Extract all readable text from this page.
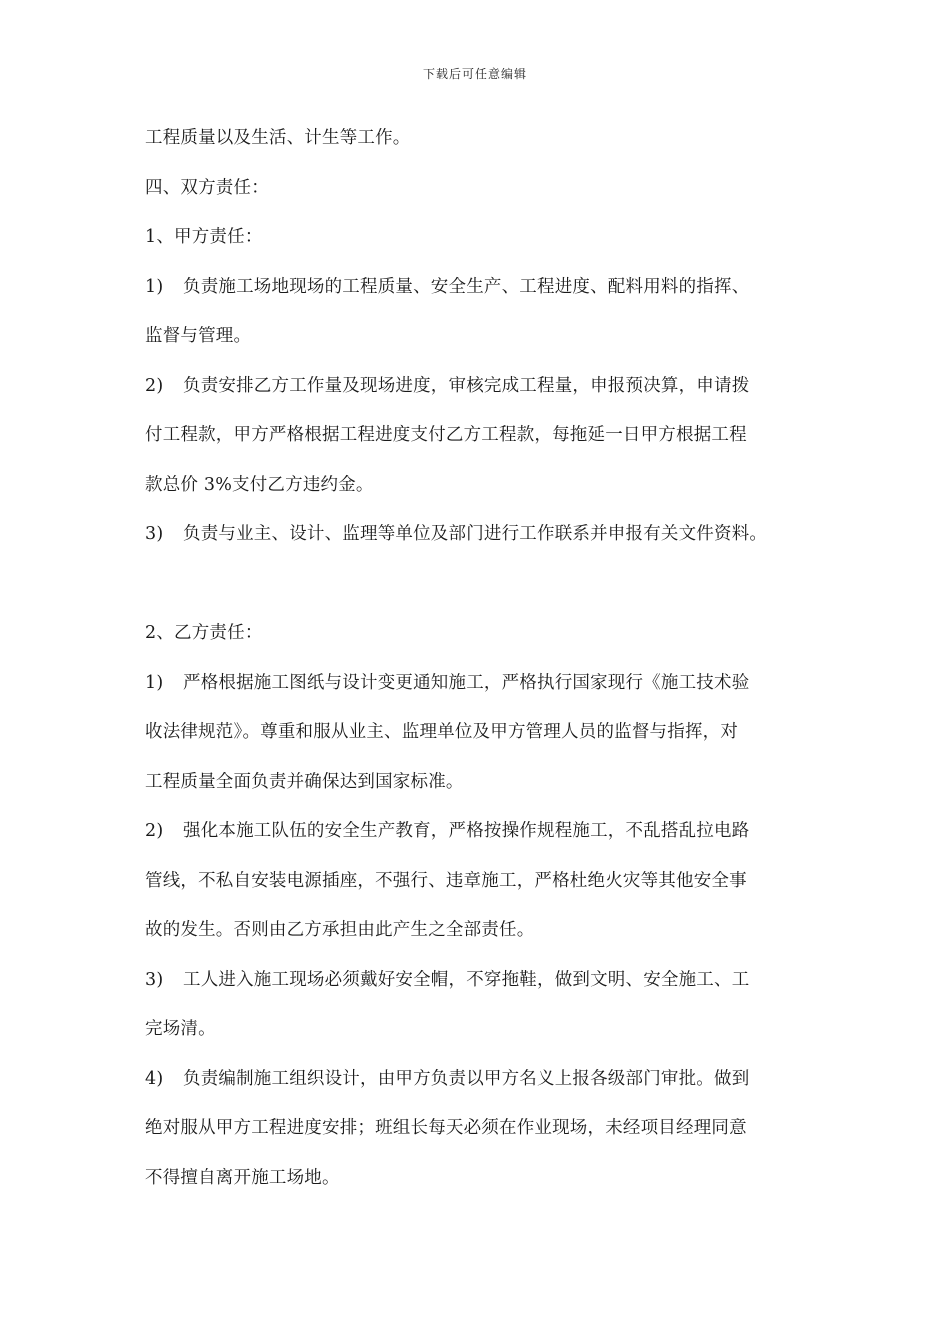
下载后可任意编辑
工程质量以及生活、计生等工作。
四、双方责任：
1、甲方责任：
1) 负责施工场地现场的工程质量、安全生产、工程进度、配料用料的指挥、
监督与管理。
2) 负责安排乙方工作量及现场进度，审核完成工程量，申报预决算，申请拨
付工程款，甲方严格根据工程进度支付乙方工程款，每拖延一日甲方根据工程
款总价 3%支付乙方违约金。
3) 负责与业主、设计、监理等单位及部门进行工作联系并申报有关文件资料。
2、乙方责任：
1) 严格根据施工图纸与设计变更通知施工，严格执行国家现行《施工技术验
收法律规范》。尊重和服从业主、监理单位及甲方管理人员的监督与指挥，对
工程质量全面负责并确保达到国家标准。
2) 强化本施工队伍的安全生产教育，严格按操作规程施工，不乱搭乱拉电路
管线，不私自安装电源插座，不强行、违章施工，严格杜绝火灾等其他安全事
故的发生。否则由乙方承担由此产生之全部责任。
3) 工人进入施工现场必须戴好安全帽，不穿拖鞋，做到文明、安全施工、工
完场清。
4) 负责编制施工组织设计，由甲方负责以甲方名义上报各级部门审批。做到
绝对服从甲方工程进度安排；班组长每天必须在作业现场，未经项目经理同意
不得擅自离开施工场地。
